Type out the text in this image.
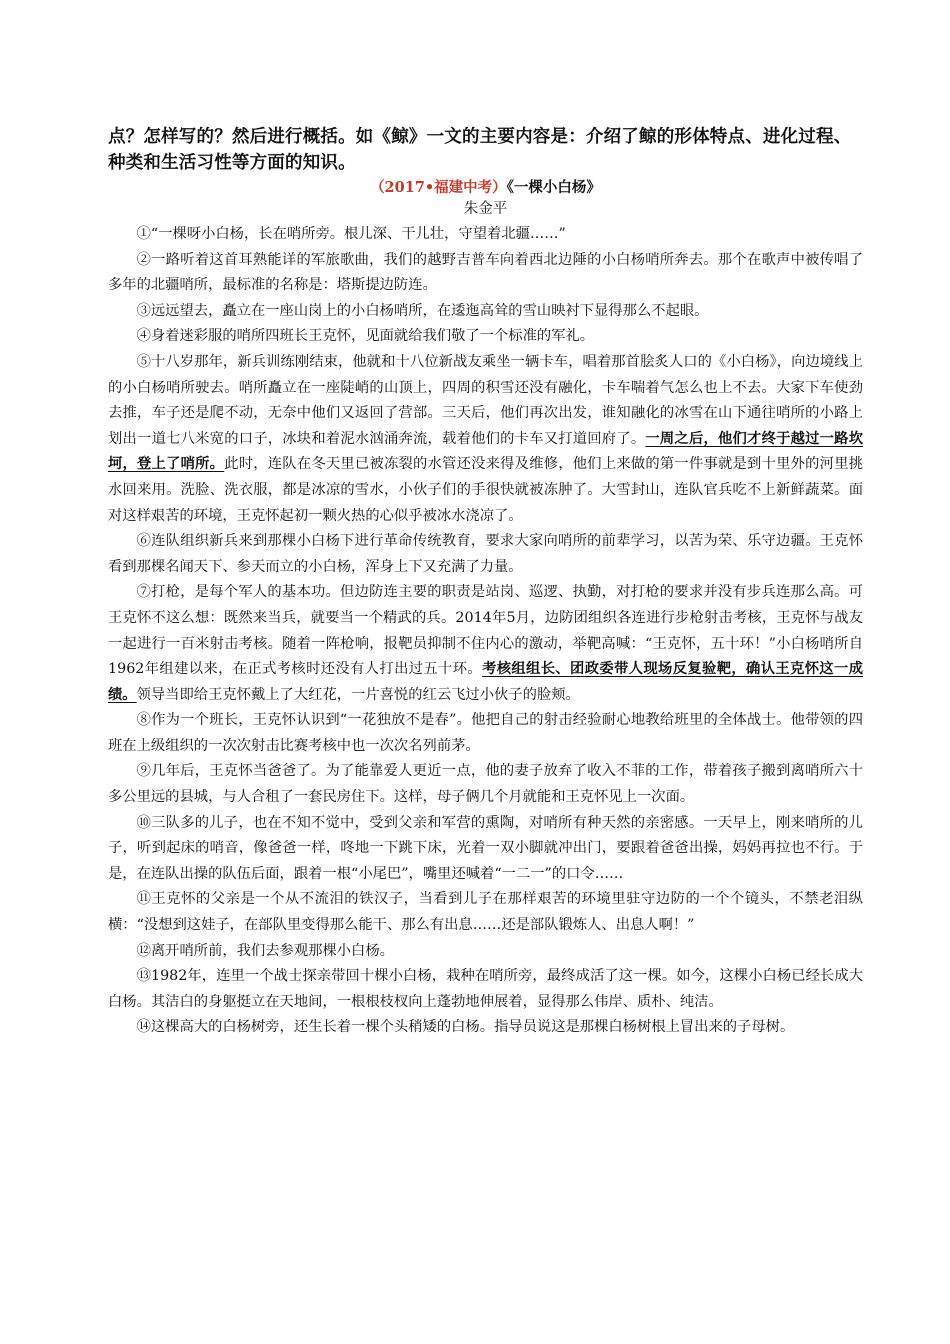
点？怎样写的？然后进行概括。如《鲸》一文的主要内容是：介绍了鲸的形体特点、进化过程、种类和生活习性等方面的知识。

（2017•福建中考）《一棵小白杨》

朱金平

①“一棵呀小白杨，长在哨所旁。根儿深、干儿壮，守望着北疆……”

②一路听着这首耳熟能详的军旅歌曲，我们的越野吉普车向着西北边陲的小白杨哨所奔去。那个在歌声中被传唱了多年的北疆哨所，最标准的名称是：塔斯提边防连。

③远远望去，矗立在一座山岗上的小白杨哨所，在逶迤高耸的雪山映衬下显得那么不起眼。

④身着迷彩服的哨所四班长王克怀，见面就给我们敬了一个标准的军礼。

⑤十八岁那年，新兵训练刚结束，他就和十八位新战友乘坐一辆卡车，唱着那首脍炙人口的《小白杨》，向边境线上的小白杨哨所驶去。哨所矗立在一座陡峭的山顶上，四周的积雪还没有融化，卡车喘着气怎么也上不去。大家下车使劲去推，车子还是爬不动，无奈中他们又返回了营部。三天后，他们再次出发，谁知融化的冰雪在山下通往哨所的小路上划出一道七八米宽的口子，冰块和着泥水汹涌奔流，载着他们的卡车又打道回府了。一周之后，他们才终于越过一路坎坷，登上了哨所。此时，连队在冬天里已被冻裂的水管还没来得及维修，他们上来做的第一件事就是到十里外的河里挑水回来用。洗脸、洗衣服，都是冰凉的雪水，小伙子们的手很快就被冻肿了。大雪封山，连队官兵吃不上新鲜蔬菜。面对这样艰苦的环境，王克怀起初一颗火热的心似乎被冰水浇凉了。

⑥连队组织新兵来到那棵小白杨下进行革命传统教育，要求大家向哨所的前辈学习，以苦为荣、乐守边疆。王克怀看到那棵名闻天下、参天而立的小白杨，浑身上下又充满了力量。

⑦打枪，是每个军人的基本功。但边防连主要的职责是站岗、巡逻、执勤，对打枪的要求并没有步兵连那么高。可王克怀不这么想：既然来当兵，就要当一个精武的兵。2014年5月，边防团组织各连进行步枪射击考核，王克怀与战友一起进行一百米射击考核。随着一阵枪响，报靶员抑制不住内心的激动，举靶高喊：“王克怀，五十环！”小白杨哨所自1962年组建以来，在正式考核时还没有人打出过五十环。考核组组长、团政委带人现场反复验靶，确认王克怀这一成绩。领导当即给王克怀戴上了大红花，一片喜悦的红云飞过小伙子的脸颊。

⑧作为一个班长，王克怀认识到“一花独放不是春”。他把自己的射击经验耐心地教给班里的全体战士。他带领的四班在上级组织的一次次射击比赛考核中也一次次名列前茅。

⑨几年后，王克怀当爸爸了。为了能靠爱人更近一点，他的妻子放弃了收入不菲的工作，带着孩子搬到离哨所六十多公里远的县城，与人合租了一套民房住下。这样，母子俩几个月就能和王克怀见上一次面。

⑩三队多的儿子，也在不知不觉中，受到父亲和军营的熏陶，对哨所有种天然的亲密感。一天早上，刚来哨所的儿子，听到起床的哨音，像爸爸一样，咚地一下跳下床，光着一双小脚就冲出门，要跟着爸爸出操，妈妈再拉也不行。于是，在连队出操的队伍后面，跟着一根“小尾巴”，嘴里还喊着“一二一”的口令……

⑪王克怀的父亲是一个从不流泪的铁汉子，当看到儿子在那样艰苦的环境里驻守边防的一个个镜头，不禁老泪纵横：“没想到这娃子，在部队里变得那么能干、那么有出息……还是部队锻炼人、出息人啊！”

⑫离开哨所前，我们去参观那棵小白杨。

⑬1982年，连里一个战士探亲带回十棵小白杨，栽种在哨所旁，最终成活了这一棵。如今，这棵小白杨已经长成大白杨。其洁白的身躯挺立在天地间，一根根枝杈向上蓬勃地伸展着，显得那么伟岸、质朴、纯洁。

⑭这棵高大的白杨树旁，还生长着一棵个头稍矮的白杨。指导员说这是那棵白杨树根上冒出来的子母树。
